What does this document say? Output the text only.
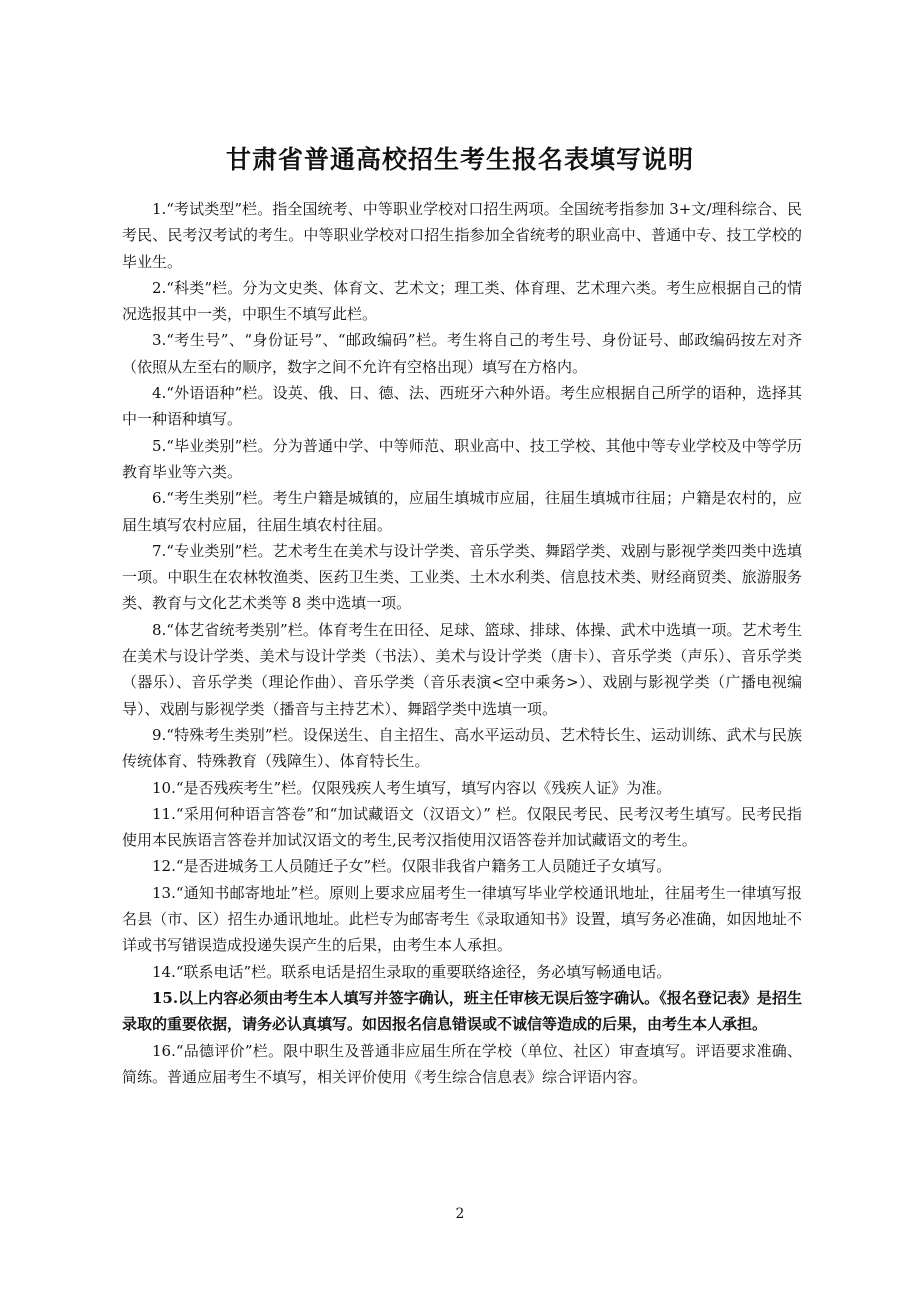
甘肃省普通高校招生考生报名表填写说明

1.“考试类型”栏。指全国统考、中等职业学校对口招生两项。全国统考指参加 3+文/理科综合、民考民、民考汉考试的考生。中等职业学校对口招生指参加全省统考的职业高中、普通中专、技工学校的毕业生。

2.“科类”栏。分为文史类、体育文、艺术文；理工类、体育理、艺术理六类。考生应根据自己的情况选报其中一类，中职生不填写此栏。

3.“考生号”、“身份证号”、“邮政编码”栏。考生将自己的考生号、身份证号、邮政编码按左对齐（依照从左至右的顺序，数字之间不允许有空格出现）填写在方格内。

4.“外语语种”栏。设英、俄、日、德、法、西班牙六种外语。考生应根据自己所学的语种，选择其中一种语种填写。

5.“毕业类别”栏。分为普通中学、中等师范、职业高中、技工学校、其他中等专业学校及中等学历教育毕业等六类。

6.“考生类别”栏。考生户籍是城镇的，应届生填城市应届，往届生填城市往届；户籍是农村的，应届生填写农村应届，往届生填农村往届。

7.“专业类别”栏。艺术考生在美术与设计学类、音乐学类、舞蹈学类、戏剧与影视学类四类中选填一项。中职生在农林牧渔类、医药卫生类、工业类、土木水利类、信息技术类、财经商贸类、旅游服务类、教育与文化艺术类等 8 类中选填一项。

8.“体艺省统考类别”栏。体育考生在田径、足球、篮球、排球、体操、武术中选填一项。艺术考生在美术与设计学类、美术与设计学类（书法）、美术与设计学类（唐卡）、音乐学类（声乐）、音乐学类（器乐）、音乐学类（理论作曲）、音乐学类（音乐表演<空中乘务>）、戏剧与影视学类（广播电视编导）、戏剧与影视学类（播音与主持艺术）、舞蹈学类中选填一项。

9.“特殊考生类别”栏。设保送生、自主招生、高水平运动员、艺术特长生、运动训练、武术与民族传统体育、特殊教育（残障生）、体育特长生。

10.“是否残疾考生”栏。仅限残疾人考生填写，填写内容以《残疾人证》为准。

11.“采用何种语言答卷”和“加试藏语文（汉语文）” 栏。仅限民考民、民考汉考生填写。民考民指使用本民族语言答卷并加试汉语文的考生,民考汉指使用汉语答卷并加试藏语文的考生。

12.“是否进城务工人员随迁子女”栏。仅限非我省户籍务工人员随迁子女填写。

13.“通知书邮寄地址”栏。原则上要求应届考生一律填写毕业学校通讯地址，往届考生一律填写报名县（市、区）招生办通讯地址。此栏专为邮寄考生《录取通知书》设置，填写务必准确，如因地址不详或书写错误造成投递失误产生的后果，由考生本人承担。

14.“联系电话”栏。联系电话是招生录取的重要联络途径，务必填写畅通电话。

15.以上内容必须由考生本人填写并签字确认，班主任审核无误后签字确认。《报名登记表》是招生录取的重要依据，请务必认真填写。如因报名信息错误或不诚信等造成的后果，由考生本人承担。

16.“品德评价”栏。限中职生及普通非应届生所在学校（单位、社区）审查填写。评语要求准确、简练。普通应届考生不填写，相关评价使用《考生综合信息表》综合评语内容。

2
